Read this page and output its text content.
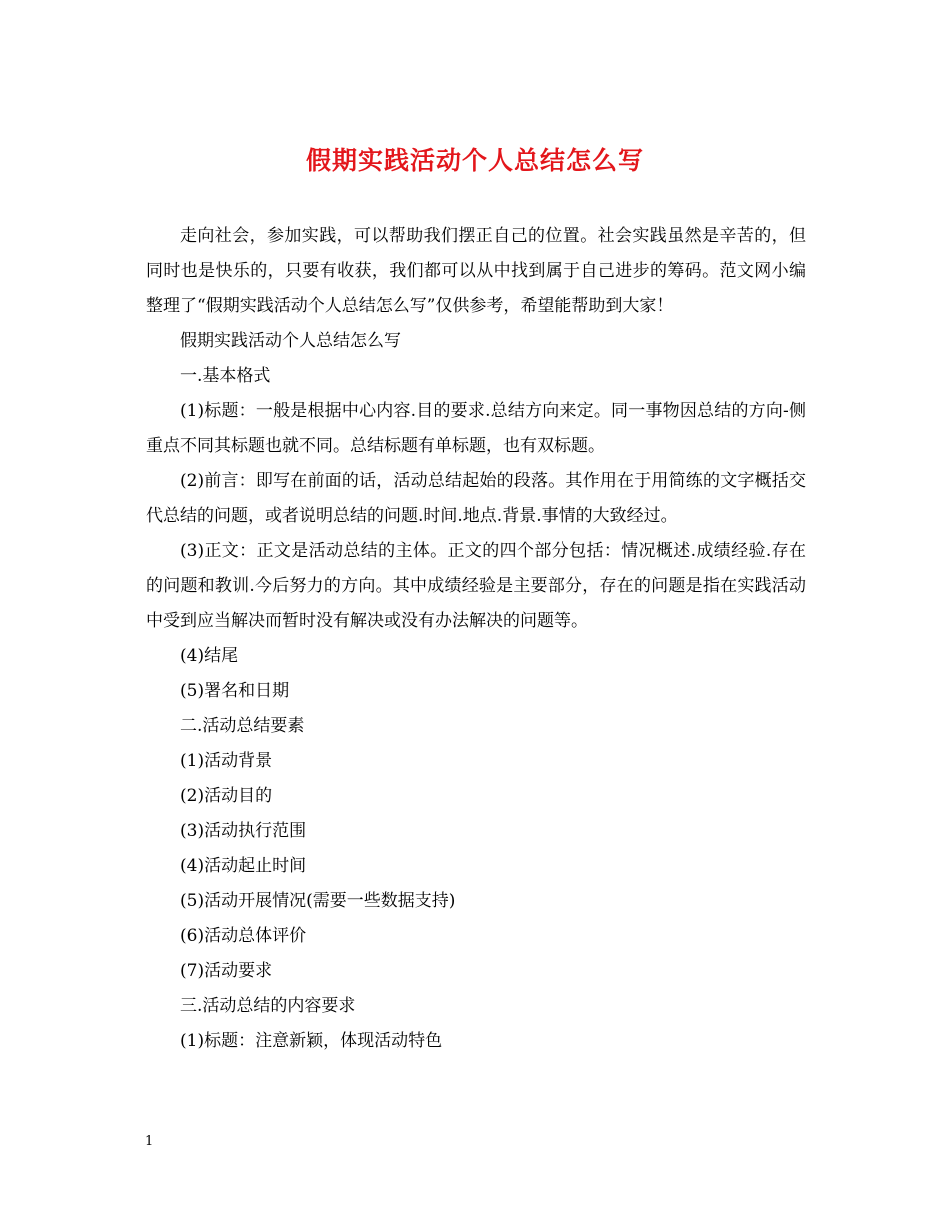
假期实践活动个人总结怎么写

走向社会，参加实践，可以帮助我们摆正自己的位置。社会实践虽然是辛苦的，但同时也是快乐的，只要有收获，我们都可以从中找到属于自己进步的筹码。范文网小编整理了“假期实践活动个人总结怎么写”仅供参考，希望能帮助到大家！

假期实践活动个人总结怎么写

一.基本格式

(1)标题：一般是根据中心内容.目的要求.总结方向来定。同一事物因总结的方向-侧重点不同其标题也就不同。总结标题有单标题，也有双标题。

(2)前言：即写在前面的话，活动总结起始的段落。其作用在于用简练的文字概括交代总结的问题，或者说明总结的问题.时间.地点.背景.事情的大致经过。

(3)正文：正文是活动总结的主体。正文的四个部分包括：情况概述.成绩经验.存在的问题和教训.今后努力的方向。其中成绩经验是主要部分，存在的问题是指在实践活动中受到应当解决而暂时没有解决或没有办法解决的问题等。

(4)结尾

(5)署名和日期

二.活动总结要素

(1)活动背景

(2)活动目的

(3)活动执行范围

(4)活动起止时间

(5)活动开展情况(需要一些数据支持)

(6)活动总体评价

(7)活动要求

三.活动总结的内容要求

(1)标题：注意新颖，体现活动特色

1
